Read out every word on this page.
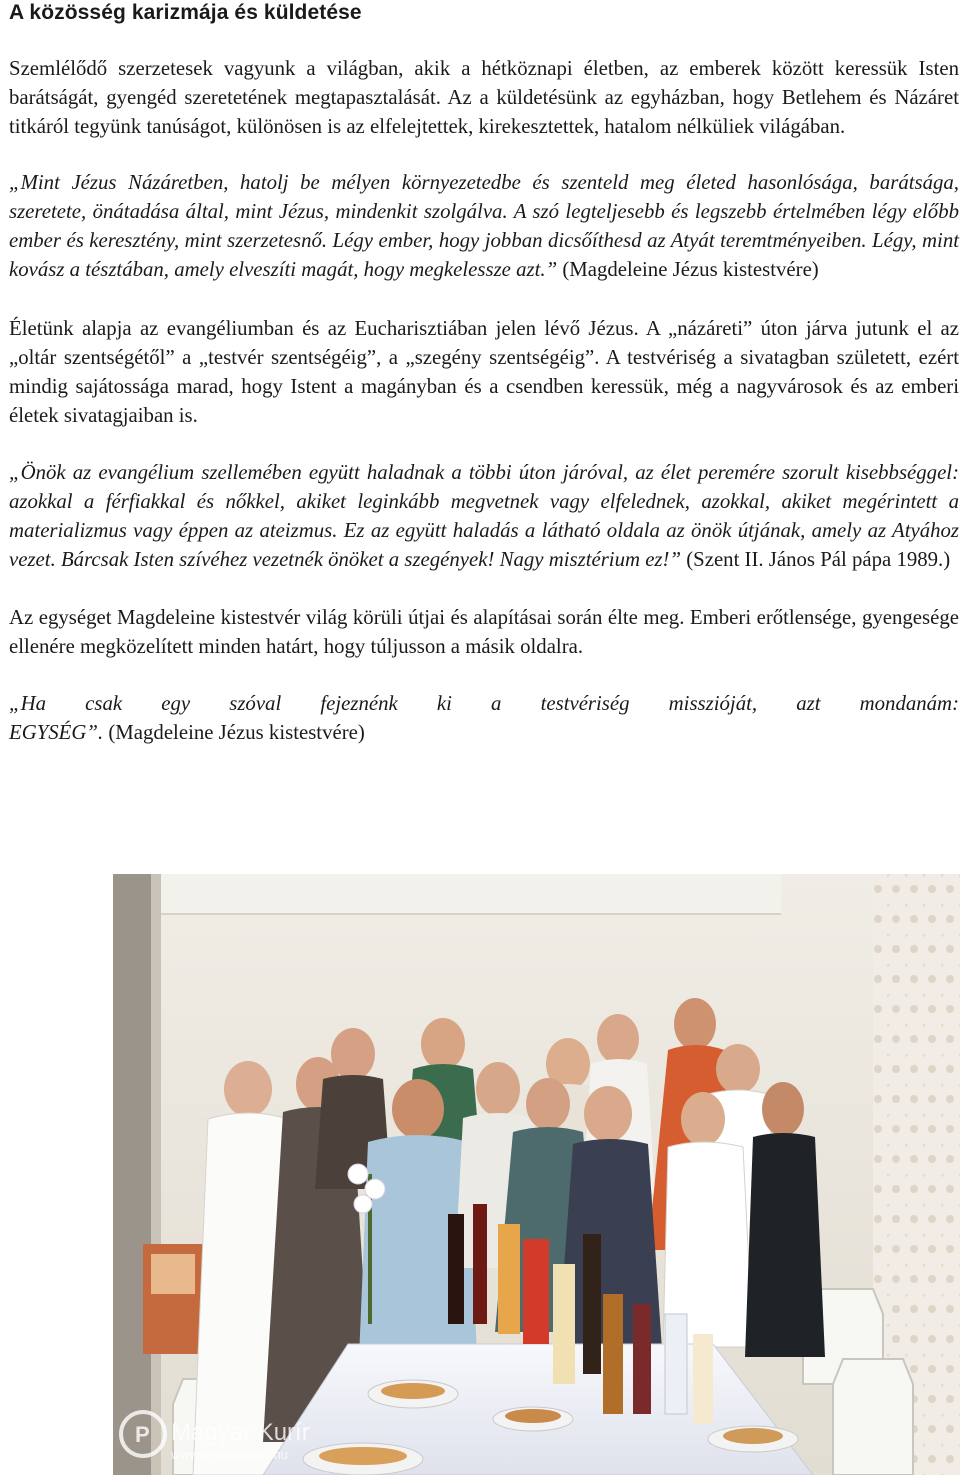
A közösség karizmája és küldetése

Szemlélődő szerzetesek vagyunk a világban, akik a hétköznapi életben, az emberek között keressük Isten barátságát, gyengéd szeretetének megtapasztalását. Az a küldetésünk az egyházban, hogy Betlehem és Názáret titkáról tegyünk tanúságot, különösen is az elfelejtettek, kirekesztettek, hatalom nélküliek világában.

„Mint Jézus Názáretben, hatolj be mélyen környezetedbe és szenteld meg életed hasonlósága, barátsága, szeretete, önátadása által, mint Jézus, mindenkit szolgálva. A szó legteljesebb és legszebb értelmében légy előbb ember és keresztény, mint szerzetesnő. Légy ember, hogy jobban dicsőíthesd az Atyát teremtményeiben. Légy, mint kovász a tésztában, amely elveszíti magát, hogy megkelessze azt.” (Magdeleine Jézus kistestvére)

Életünk alapja az evangéliumban és az Eucharisztiában jelen lévő Jézus. A „názáreti” úton járva jutunk el az „oltár szentségétől” a „testvér szentségéig”, a „szegény szentségéig”. A testvériség a sivatagban született, ezért mindig sajátossága marad, hogy Istent a magányban és a csendben keressük, még a nagyvárosok és az emberi életek sivatagjaiban is.

„Önök az evangélium szellemében együtt haladnak a többi úton járóval, az élet peremére szorult kisebbséggel: azokkal a férfiakkal és nőkkel, akiket leginkább megvetnek vagy elfelednek, azokkal, akiket megérintett a materializmus vagy éppen az ateizmus. Ez az együtt haladás a látható oldala az önök útjának, amely az Atyához vezet. Bárcsak Isten szívéhez vezetnék önöket a szegények! Nagy misztérium ez!” (Szent II. János Pál pápa 1989.)

Az egységet Magdeleine kistestvér világ körüli útjai és alapításai során élte meg. Emberi erőtlensége, gyengesége ellenére megközelített minden határt, hogy túljusson a másik oldalra.

„Ha csak egy szóval fejeznénk ki a testvériség misszióját, azt mondanám:

EGYSÉG”. (Magdeleine Jézus kistestvére)

P Magyar Kurír
www.magyarkurir.hu
